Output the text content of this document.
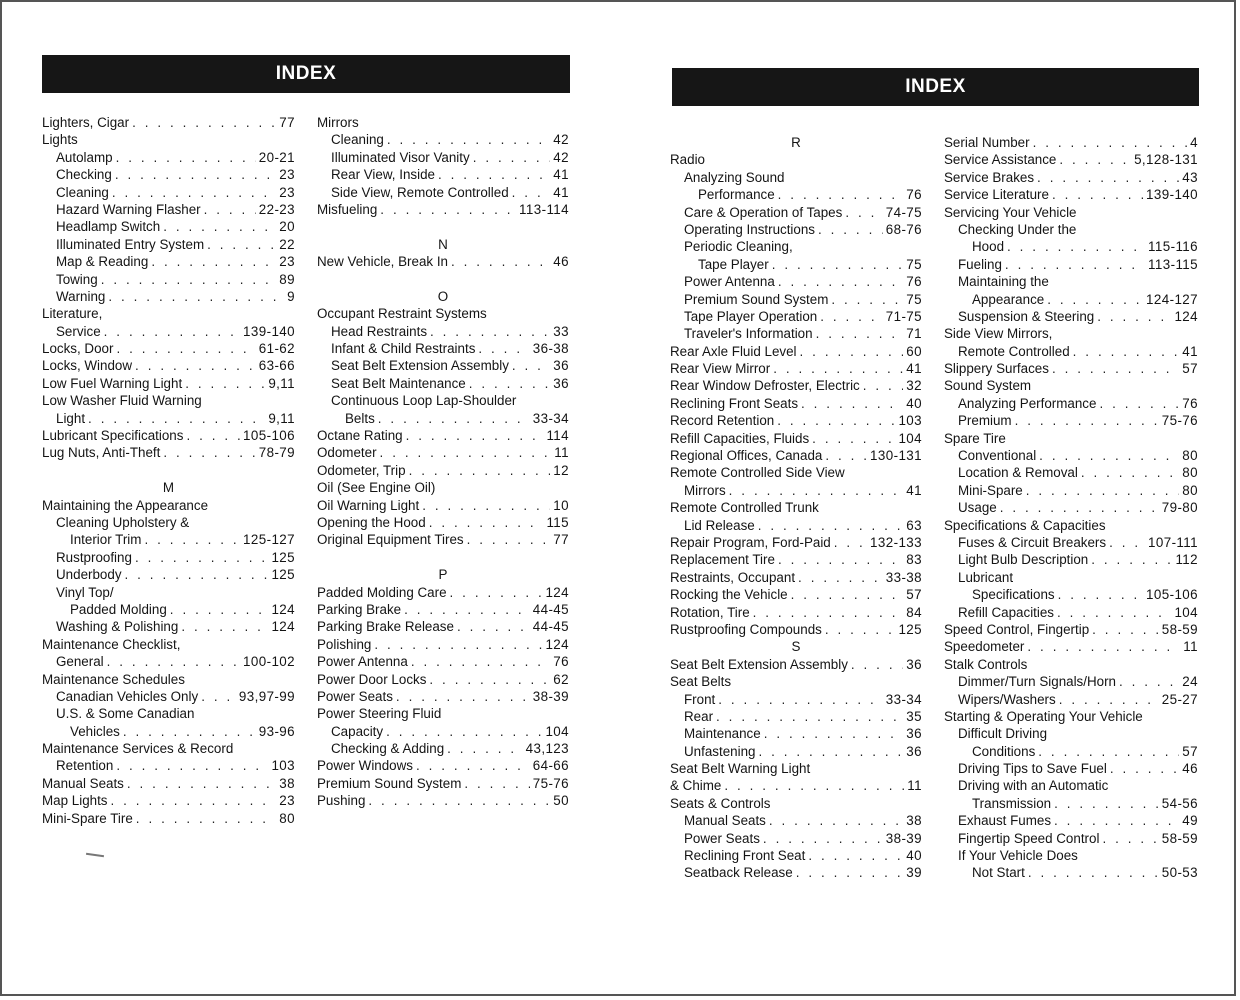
INDEX
INDEX
Lighters, Cigar . . .	77
Lights
Autolamp . . .	20-21
Checking . . .	23
Cleaning . . .	23
Hazard Warning Flasher . . .	22-23
Headlamp Switch . . .	20
Illuminated Entry System . . .	22
Map & Reading . . .	23
Towing . . .	89
Warning . . .	9
Literature,
Service . . .	139-140
Locks, Door . . .	61-62
Locks, Window . . .	63-66
Low Fuel Warning Light . . .	9,11
Low Washer Fluid Warning
Light . . .	9,11
Lubricant Specifications . . .	105-106
Lug Nuts, Anti-Theft . . .	78-79
M
Maintaining the Appearance
Cleaning Upholstery &
Interior Trim . . .	125-127
Rustproofing . . .	125
Underbody . . .	125
Vinyl Top/
Padded Molding . . .	124
Washing & Polishing . . .	124
Maintenance Checklist,
General . . .	100-102
Maintenance Schedules
Canadian Vehicles Only . . .	93,97-99
U.S. & Some Canadian
Vehicles . . .	93-96
Maintenance Services & Record
Retention . . .	103
Manual Seats . . .	38
Map Lights . . .	23
Mini-Spare Tire . . .	80
Mirrors
Cleaning . . .	42
Illuminated Visor Vanity . . .	42
Rear View, Inside . . .	41
Side View, Remote Controlled . . .	41
Misfueling . . .	113-114
N
New Vehicle, Break In . . .	46
O
Occupant Restraint Systems
Head Restraints . . .	33
Infant & Child Restraints . . .	36-38
Seat Belt Extension Assembly . . .	36
Seat Belt Maintenance . . .	36
Continuous Loop Lap-Shoulder
Belts . . .	33-34
Octane Rating . . .	114
Odometer . . .	11
Odometer, Trip . . .	12
Oil (See Engine Oil)
Oil Warning Light . . .	10
Opening the Hood . . .	115
Original Equipment Tires . . .	77
P
Padded Molding Care . . .	124
Parking Brake . . .	44-45
Parking Brake Release . . .	44-45
Polishing . . .	124
Power Antenna . . .	76
Power Door Locks . . .	62
Power Seats . . .	38-39
Power Steering Fluid
Capacity . . .	104
Checking & Adding . . .	43,123
Power Windows . . .	64-66
Premium Sound System . . .	75-76
Pushing . . .	50
R
Radio
Analyzing Sound
Performance . . .	76
Care & Operation of Tapes . . .	74-75
Operating Instructions . . .	68-76
Periodic Cleaning,
Tape Player . . .	75
Power Antenna . . .	76
Premium Sound System . . .	75
Tape Player Operation . . .	71-75
Traveler's Information . . .	71
Rear Axle Fluid Level . . .	60
Rear View Mirror . . .	41
Rear Window Defroster, Electric . . .	32
Reclining Front Seats . . .	40
Record Retention . . .	103
Refill Capacities, Fluids . . .	104
Regional Offices, Canada . . .	130-131
Remote Controlled Side View
Mirrors . . .	41
Remote Controlled Trunk
Lid Release . . .	63
Repair Program, Ford-Paid . . .	132-133
Replacement Tire . . .	83
Restraints, Occupant . . .	33-38
Rocking the Vehicle . . .	57
Rotation, Tire . . .	84
Rustproofing Compounds . . .	125
S
Seat Belt Extension Assembly . . .	36
Seat Belts
Front . . .	33-34
Rear . . .	35
Maintenance . . .	36
Unfastening . . .	36
Seat Belt Warning Light
& Chime . . .	11
Seats & Controls
Manual Seats . . .	38
Power Seats . . .	38-39
Reclining Front Seat . . .	40
Seatback Release . . .	39
Serial Number . . .	4
Service Assistance . . .	5,128-131
Service Brakes . . .	43
Service Literature . . .	139-140
Servicing Your Vehicle
Checking Under the
Hood . . .	115-116
Fueling . . .	113-115
Maintaining the
Appearance . . .	124-127
Suspension & Steering . . .	124
Side View Mirrors,
Remote Controlled . . .	41
Slippery Surfaces . . .	57
Sound System
Analyzing Performance . . .	76
Premium . . .	75-76
Spare Tire
Conventional . . .	80
Location & Removal . . .	80
Mini-Spare . . .	80
Usage . . .	79-80
Specifications & Capacities
Fuses & Circuit Breakers . . .	107-111
Light Bulb Description . . .	112
Lubricant
Specifications . . .	105-106
Refill Capacities . . .	104
Speed Control, Fingertip . . .	58-59
Speedometer . . .	11
Stalk Controls
Dimmer/Turn Signals/Horn . . .	24
Wipers/Washers . . .	25-27
Starting & Operating Your Vehicle
Difficult Driving
Conditions . . .	57
Driving Tips to Save Fuel . . .	46
Driving with an Automatic
Transmission . . .	54-56
Exhaust Fumes . . .	49
Fingertip Speed Control . . .	58-59
If Your Vehicle Does
Not Start . . .	50-53
